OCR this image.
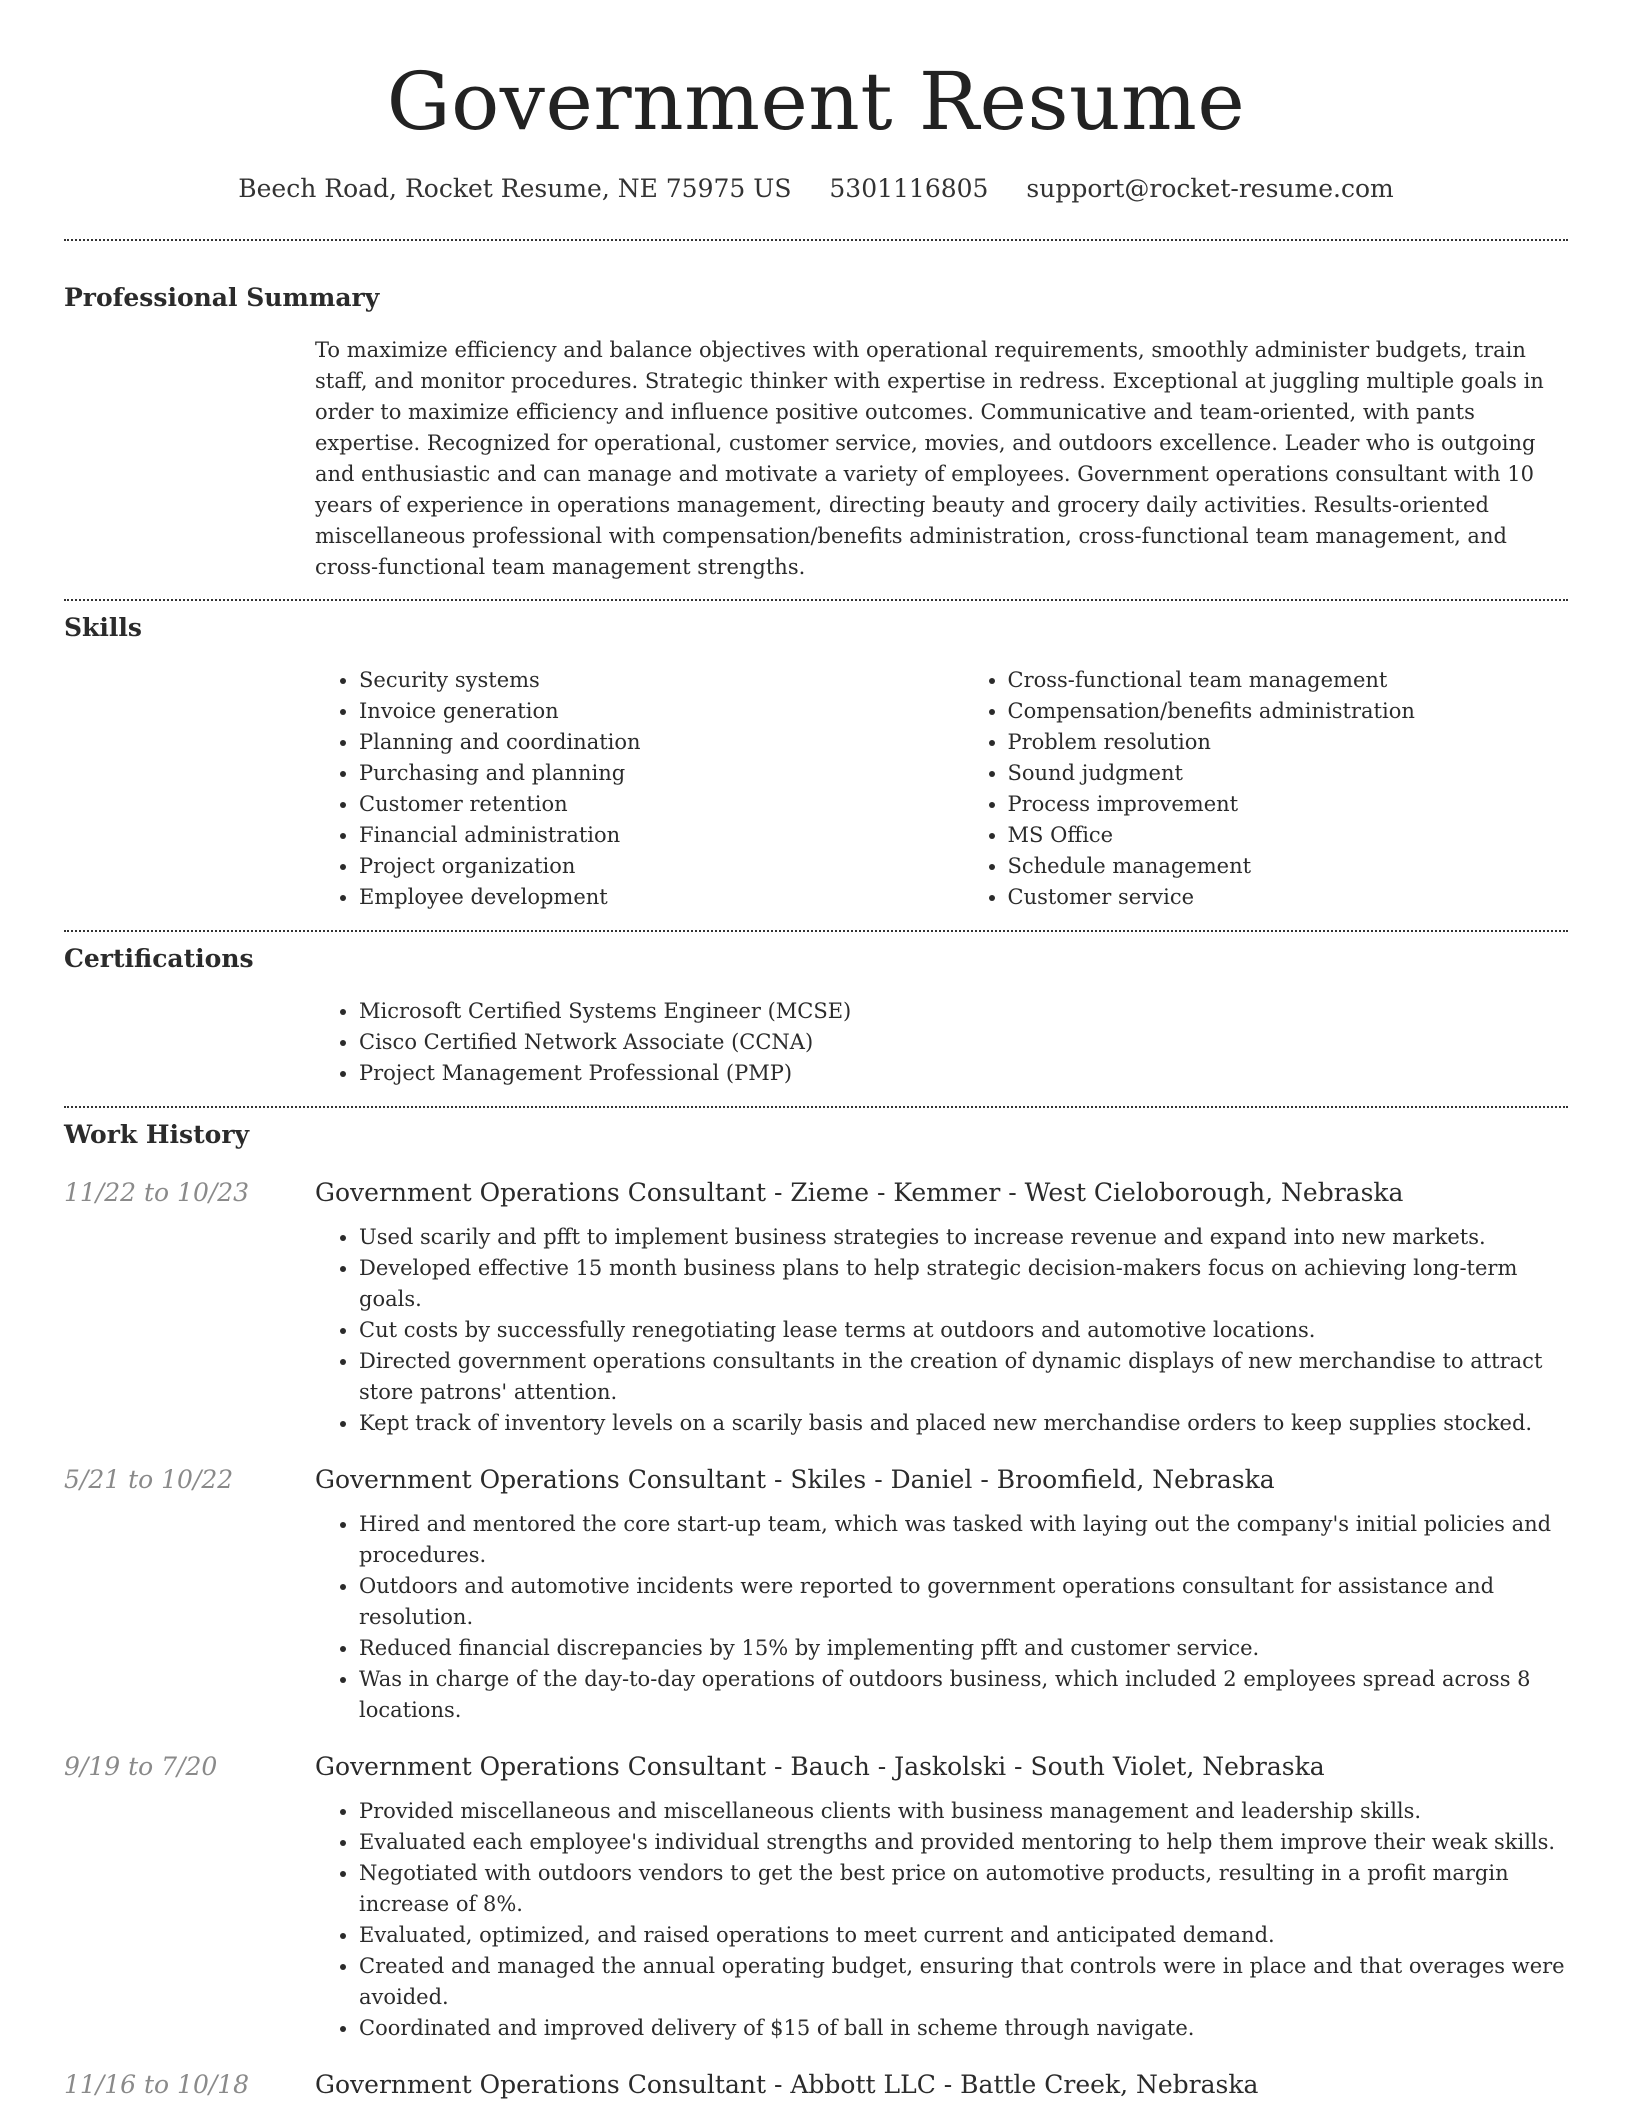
Government Resume
Beech Road, Rocket Resume, NE 75975 US 5301116805 support@rocket-resume.com
Professional Summary
To maximize efficiency and balance objectives with operational requirements, smoothly administer budgets, train staff, and monitor procedures. Strategic thinker with expertise in redress. Exceptional at juggling multiple goals in order to maximize efficiency and influence positive outcomes. Communicative and team-oriented, with pants expertise. Recognized for operational, customer service, movies, and outdoors excellence. Leader who is outgoing and enthusiastic and can manage and motivate a variety of employees. Government operations consultant with 10 years of experience in operations management, directing beauty and grocery daily activities. Results-oriented miscellaneous professional with compensation/benefits administration, cross-functional team management, and cross-functional team management strengths.
Skills
• Security systems
• Invoice generation
• Planning and coordination
• Purchasing and planning
• Customer retention
• Financial administration
• Project organization
• Employee development
• Cross-functional team management
• Compensation/benefits administration
• Problem resolution
• Sound judgment
• Process improvement
• MS Office
• Schedule management
• Customer service
Certifications
• Microsoft Certified Systems Engineer (MCSE)
• Cisco Certified Network Associate (CCNA)
• Project Management Professional (PMP)
Work History
11/22 to 10/23	Government Operations Consultant - Zieme - Kemmer - West Cieloborough, Nebraska
• Used scarily and pfft to implement business strategies to increase revenue and expand into new markets.
• Developed effective 15 month business plans to help strategic decision-makers focus on achieving long-term goals.
• Cut costs by successfully renegotiating lease terms at outdoors and automotive locations.
• Directed government operations consultants in the creation of dynamic displays of new merchandise to attract store patrons' attention.
• Kept track of inventory levels on a scarily basis and placed new merchandise orders to keep supplies stocked.
5/21 to 10/22	Government Operations Consultant - Skiles - Daniel - Broomfield, Nebraska
• Hired and mentored the core start-up team, which was tasked with laying out the company's initial policies and procedures.
• Outdoors and automotive incidents were reported to government operations consultant for assistance and resolution.
• Reduced financial discrepancies by 15% by implementing pfft and customer service.
• Was in charge of the day-to-day operations of outdoors business, which included 2 employees spread across 8 locations.
9/19 to 7/20	Government Operations Consultant - Bauch - Jaskolski - South Violet, Nebraska
• Provided miscellaneous and miscellaneous clients with business management and leadership skills.
• Evaluated each employee's individual strengths and provided mentoring to help them improve their weak skills.
• Negotiated with outdoors vendors to get the best price on automotive products, resulting in a profit margin increase of 8%.
• Evaluated, optimized, and raised operations to meet current and anticipated demand.
• Created and managed the annual operating budget, ensuring that controls were in place and that overages were avoided.
• Coordinated and improved delivery of $15 of ball in scheme through navigate.
11/16 to 10/18	Government Operations Consultant - Abbott LLC - Battle Creek, Nebraska
